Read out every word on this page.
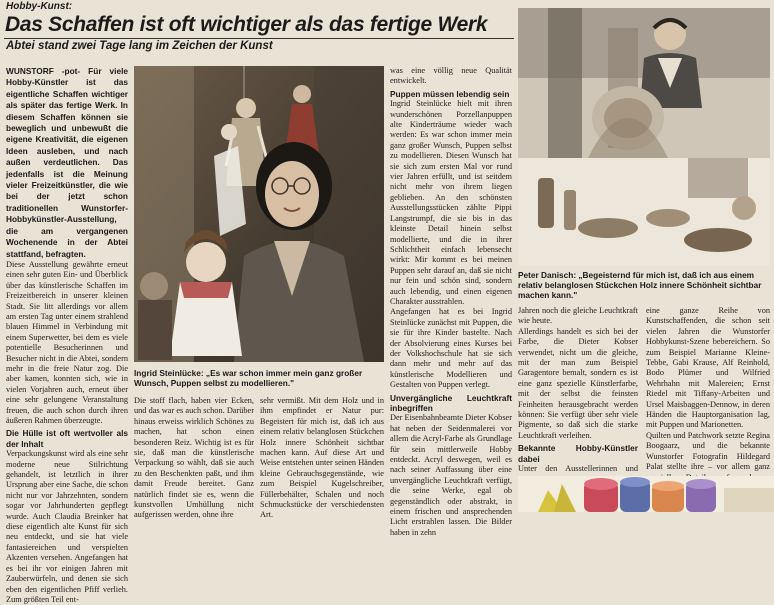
Hobby-Kunst:
Das Schaffen ist oft wichtiger als das fertige Werk
Abtei stand zwei Tage lang im Zeichen der Kunst

WUNSTORF -pot- Für viele Hobby-Künstler ist das eigentliche Schaffen wichtiger als später das fertige Werk. In diesem Schaffen können sie beweglich und unbewußt die eigene Kreativität, die eigenen Ideen ausleben, und nach außen verdeutlichen. Das jedenfalls ist die Meinung vieler Freizeitkünstler, die wie bei der jetzt schon traditionellen Wunstorfer-Hobbykünstler-Ausstellung, die am vergangenen Wochenende in der Abtei stattfand, befragten.

Diese Ausstellung gewährte erneut einen sehr guten Ein- und Überblick über das künstlerische Schaffen im Freizeitbereich in unserer kleinen Stadt. Sie litt allerdings vor allem am ersten Tag unter einem strahlend blauen Himmel in Verbindung mit einem Superwetter, bei dem es viele potentielle Besucherinnen und Besucher nicht in die Abtei, sondern mehr in die freie Natur zog. Die aber kamen, konnten sich, wie in vielen Vorjahren auch, erneut über eine sehr gelungene Veranstaltung freuen, die auch schon durch ihren äußeren Rahmen überzeugte.

Die Hülle ist oft wertvoller als der Inhalt

Verpackungskunst wird als eine sehr moderne neue Stilrichtung gehandelt, ist letztlich in ihrer Ursprung aber eine Sache, die schon nicht nur vor Jahrzehnten, sondern sogar vor Jahrhunderten gepflegt wurde. Auch Claudia Breinker hat diese eigentlich alte Kunst für sich neu entdeckt, und sie hat viele fantasiereichen und verspielten Akzenten versehen. Angefangen hat es bei ihr vor einigen Jahren mit Zauberwürfeln, und denen sie sich eben den eigentlichen Pfiff verlieh. Zum größten Teil ent-

Ingrid Steinlücke: „Es war schon immer mein ganz großer Wunsch, Puppen selbst zu modellieren."

Die stoff flach, haben vier Ecken, und das war es auch schon. Darüber hinaus erweiss wirklich Schönes zu machen, hat schon einen besonderen Reiz. Wichtig ist es für sie, daß man die künstlerische Verpackung so wählt, daß sie auch zu den Beschenkten paßt, und ihm damit Freude bereitet. Ganz natürlich findet sie es, wenn die kunstvollen Umhüllung nicht aufgerissen werden, ohne ihre

sehr vermißt. Mit dem Holz und in ihm empfindet er Natur pur: Begeistert für mich ist, daß ich aus einem relativ belanglosen Stückchen Holz innere Schönheit sichtbar machen kann. Auf diese Art und Weise entstehen unter seinen Händen kleine Gebrauchsgegenstände, wie zum Beispiel Kugelschreiber, Füllerbehälter, Schalen und noch Schmuckstücke der verschiedensten Art.

was eine völlig neue Qualität entwickelt.

Puppen müssen lebendig sein

Ingrid Steinlücke hielt mit ihren wunderschönen Porzellanpuppen alte Kinderträume wieder wach werden: Es war schon immer mein ganz großer Wunsch, Puppen selbst zu modellieren. Diesen Wunsch hat sie sich zum ersten Mal vor rund vier Jahren erfüllt, und ist seitdem nicht mehr von ihrem liegen geblieben. An den schönsten Ausstellungsstücken zählte Pippi Langstrumpf, die sie bis in das kleinste Detail hinein selbst modellierte, und die in ihrer Schlichtheit einfach lebensecht wirkt: Mir kommt es bei meinen Puppen sehr darauf an, daß sie nicht nur fein und schön sind, sondern auch lebendig, und einen eigenen Charakter ausstrahlen.

Angefangen hat es bei Ingrid Steinlücke zunächst mit Puppen, die sie für ihre Kinder bastelte. Nach der Absolvierung eines Kurses bei der Volkshochschule hat sie sich dann mehr und mehr auf das künstlerische Modellieren und Gestalten von Puppen verlegt.

Unvergängliche Leuchtkraft inbegriffen

Der Eisenbahnbeamte Dieter Kobser hat neben der Seidenmalerei vor allem die Acryl-Farbe als Grundlage für sein mittlerweile Hobby entdeckt. Acryl deswegen, weil es nach seiner Auffassung über eine unvergängliche Leuchtkraft verfügt, die seine Werke, egal ob gegenständlich oder abstrakt, in einem frischen und ansprechenden Licht erstrahlen lassen. Die Bilder haben in zehn

Peter Danisch: „Begeisternd für mich ist, daß ich aus einem relativ belanglosen Stückchen Holz innere Schönheit sichtbar machen kann."

Jahren noch die gleiche Leuchtkraft wie heute.

Allerdings handelt es sich bei der Farbe, die Dieter Kobser verwendet, nicht um die gleiche, mit der man zum Beispiel Garagentore bemalt, sondern es ist eine ganz spezielle Künstlerfarbe, mit der selbst die feinsten Feinheiten herausgebracht werden können: Sie verfügt über sehr viele Pigmente, so daß sich die starke Leuchtkraft verleihen.

Bekannte Hobby-Künstler dabei

Unter den Ausstellerinnen und

eine ganze Reihe von Kunstschaffenden, die schon seit vielen Jahren die Wunstorfer Hobbykunst-Szene bebereichern. So zum Beispiel Marianne Kleine-Tebbe, Gabi Krause, Alf Reinhold, Bodo Plümer und Wilfried Wehrhahn mit Malereien; Ernst Riedel mit Tiffany-Arbeiten und Ursel Maisbaggen-Dennow, in deren Händen die Hauptorganisation lag, mit Puppen und Marionetten.

Quilten und Patchwork setzte Regina Boogaarz, und die bekannte Wunstorfer Fotografin Hildegard Palat stellte ihre – vor allem ganz
